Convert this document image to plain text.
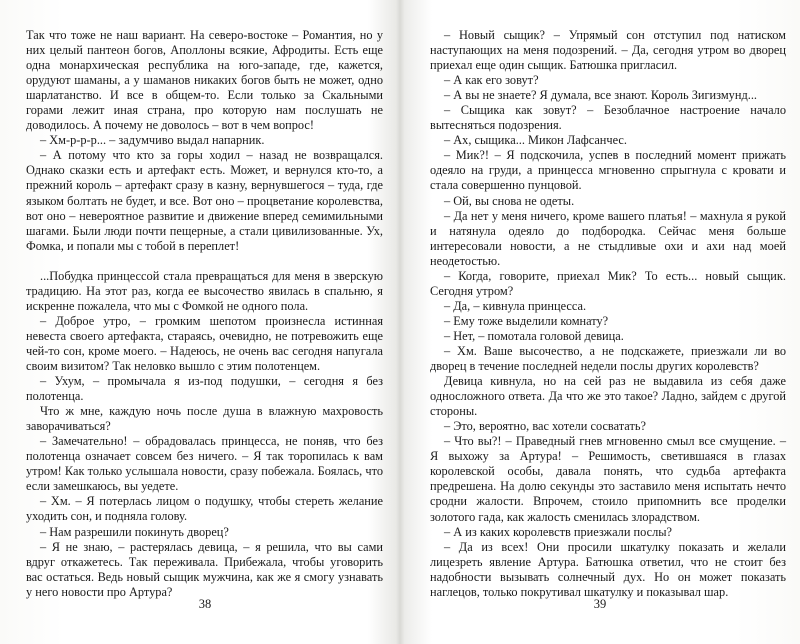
Так что тоже не наш вариант. На северо-востоке – Романтия, но у них целый пантеон богов, Аполлоны всякие, Афродиты. Есть еще одна монархическая республика на юго-западе, где, кажется, орудуют шаманы, а у шаманов никаких богов быть не может, одно шарлатанство. И все в общем-то. Если только за Скальными горами лежит иная страна, про которую нам послушать не доводилось. А почему не доволось – вот в чем вопрос!

– Хм-р-р-р... – задумчиво выдал напарник.

– А потому что кто за горы ходил – назад не возвращался. Однако сказки есть и артефакт есть. Может, и вернулся кто-то, а прежний король – артефакт сразу в казну, вернувшегося – туда, где языком болтать не будет, и все. Вот оно – процветание королевства, вот оно – невероятное развитие и движение вперед семимильными шагами. Были люди почти пещерные, а стали цивилизованные. Ух, Фомка, и попали мы с тобой в переплет!

...Побудка принцессой стала превращаться для меня в зверскую традицию. На этот раз, когда ее высочество явилась в спальню, я искренне пожалела, что мы с Фомкой не одного пола.

– Доброе утро, – громким шепотом произнесла истинная невеста своего артефакта, стараясь, очевидно, не потревожить еще чей-то сон, кроме моего. – Надеюсь, не очень вас сегодня напугала своим визитом? Так неловко вышло с этим полотенцем.

– Ухум, – промычала я из-под подушки, – сегодня я без полотенца.

Что ж мне, каждую ночь после душа в влажную махровость заворачиваться?

– Замечательно! – обрадовалась принцесса, не поняв, что без полотенца означает совсем без ничего. – Я так торопилась к вам утром! Как только услышала новости, сразу побежала. Боялась, что если замешкаюсь, вы уедете.

– Хм. – Я потерлась лицом о подушку, чтобы стереть желание уходить сон, и подняла голову.

– Нам разрешили покинуть дворец?

– Я не знаю, – растерялась девица, – я решила, что вы сами вдруг откажетесь. Так переживала. Прибежала, чтобы уговорить вас остаться. Ведь новый сыщик мужчина, как же я смогу узнавать у него новости про Артура?

38

– Новый сыщик? – Упрямый сон отступил под натиском наступающих на меня подозрений. – Да, сегодня утром во дворец приехал еще один сыщик. Батюшка пригласил.

– А как его зовут?

– А вы не знаете? Я думала, все знают. Король Зигизмунд...

– Сыщика как зовут? – Безоблачное настроение начало вытесняться подозрения.

– Ах, сыщика... Микон Лафсанчес.

– Мик?! – Я подскочила, успев в последний момент прижать одеяло на груди, а принцесса мгновенно спрыгнула с кровати и стала совершенно пунцовой.

– Ой, вы снова не одеты.

– Да нет у меня ничего, кроме вашего платья! – махнула я рукой и натянула одеяло до подбородка. Сейчас меня больше интересовали новости, а не стыдливые охи и ахи над моей неодетостью.

– Когда, говорите, приехал Мик? То есть... новый сыщик. Сегодня утром?

– Да, – кивнула принцесса.

– Ему тоже выделили комнату?

– Нет, – помотала головой девица.

– Хм. Ваше высочество, а не подскажете, приезжали ли во дворец в течение последней недели послы других королевств?

Девица кивнула, но на сей раз не выдавила из себя даже односложного ответа. Да что же это такое? Ладно, зайдем с другой стороны.

– Это, вероятно, вас хотели сосватать?

– Что вы?! – Праведный гнев мгновенно смыл все смущение. – Я выхожу за Артура! – Решимость, светившаяся в глазах королевской особы, давала понять, что судьба артефакта предрешена. На долю секунды это заставило меня испытать нечто сродни жалости. Впрочем, стоило припомнить все проделки золотого гада, как жалость сменилась злорадством.

– А из каких королевств приезжали послы?

– Да из всех! Они просили шкатулку показать и желали лицезреть явление Артура. Батюшка ответил, что не стоит без надобности вызывать солнечный дух. Но он может показать наглецов, только покрутивал шкатулку и показывал шар.

39
